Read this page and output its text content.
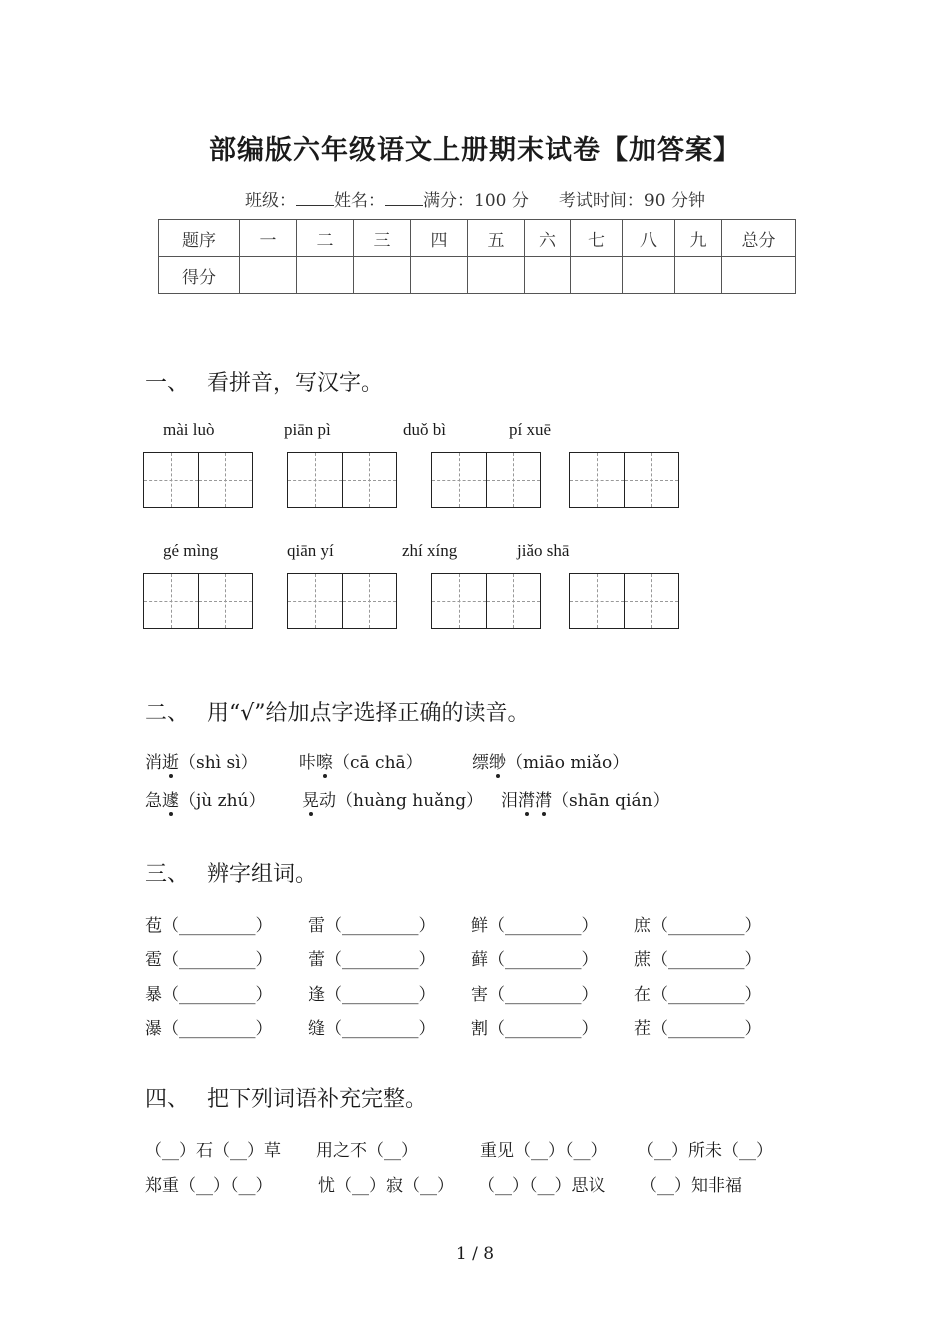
部编版六年级语文上册期末试卷【加答案】
班级： 姓名： 满分：100 分 考试时间：90 分钟
题序	一	二	三	四	五	六	七	八	九	总分
得分										
一、 看拼音，写汉字。
mài luò	piān pì	duǒ bì	pí xuē
gé mìng	qiān yí	zhí xíng	jiǎo shā
二、 用“√”给加点字选择正确的读音。
消逝（shì sì） 咔嚓（cā chā）	缥缈（miāo miǎo）
急遽（jù zhú） 晃动（huàng huǎng） 泪潸潸（shān qián）
三、 辨字组词。
苞（_________） 雷（_________） 鲜（_________） 庶（_________）
雹（_________） 蕾（_________） 藓（_________） 蔗（_________）
暴（_________） 逢（_________） 害（_________） 在（_________）
瀑（_________） 缝（_________） 割（_________） 茬（_________）
四、 把下列词语补充完整。
（__）石（__）草 用之不（__）	重见（__）（__） （__）所未（__）
郑重（__）（__）	忧（__）寂（__） （__）（__）思议 （__）知非福
1 / 8
